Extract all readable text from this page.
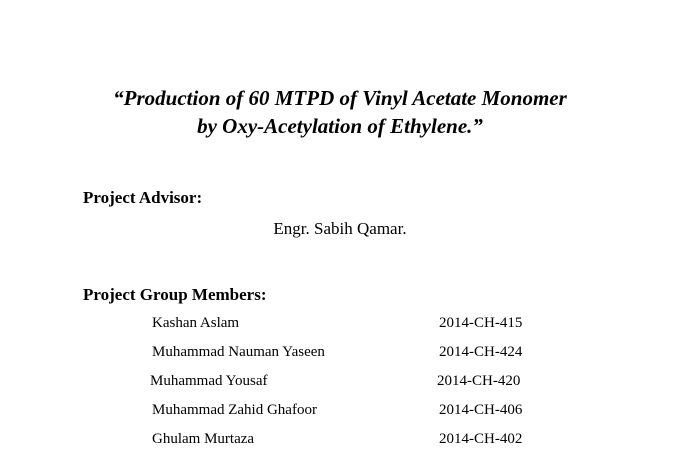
“Production of 60 MTPD of Vinyl Acetate Monomer
by Oxy-Acetylation of Ethylene.”
Project Advisor:
Engr. Sabih Qamar.
Project Group Members:
Kashan Aslam	2014-CH-415
Muhammad Nauman Yaseen	2014-CH-424
Muhammad Yousaf	2014-CH-420
Muhammad Zahid Ghafoor	2014-CH-406
Ghulam Murtaza	2014-CH-402
